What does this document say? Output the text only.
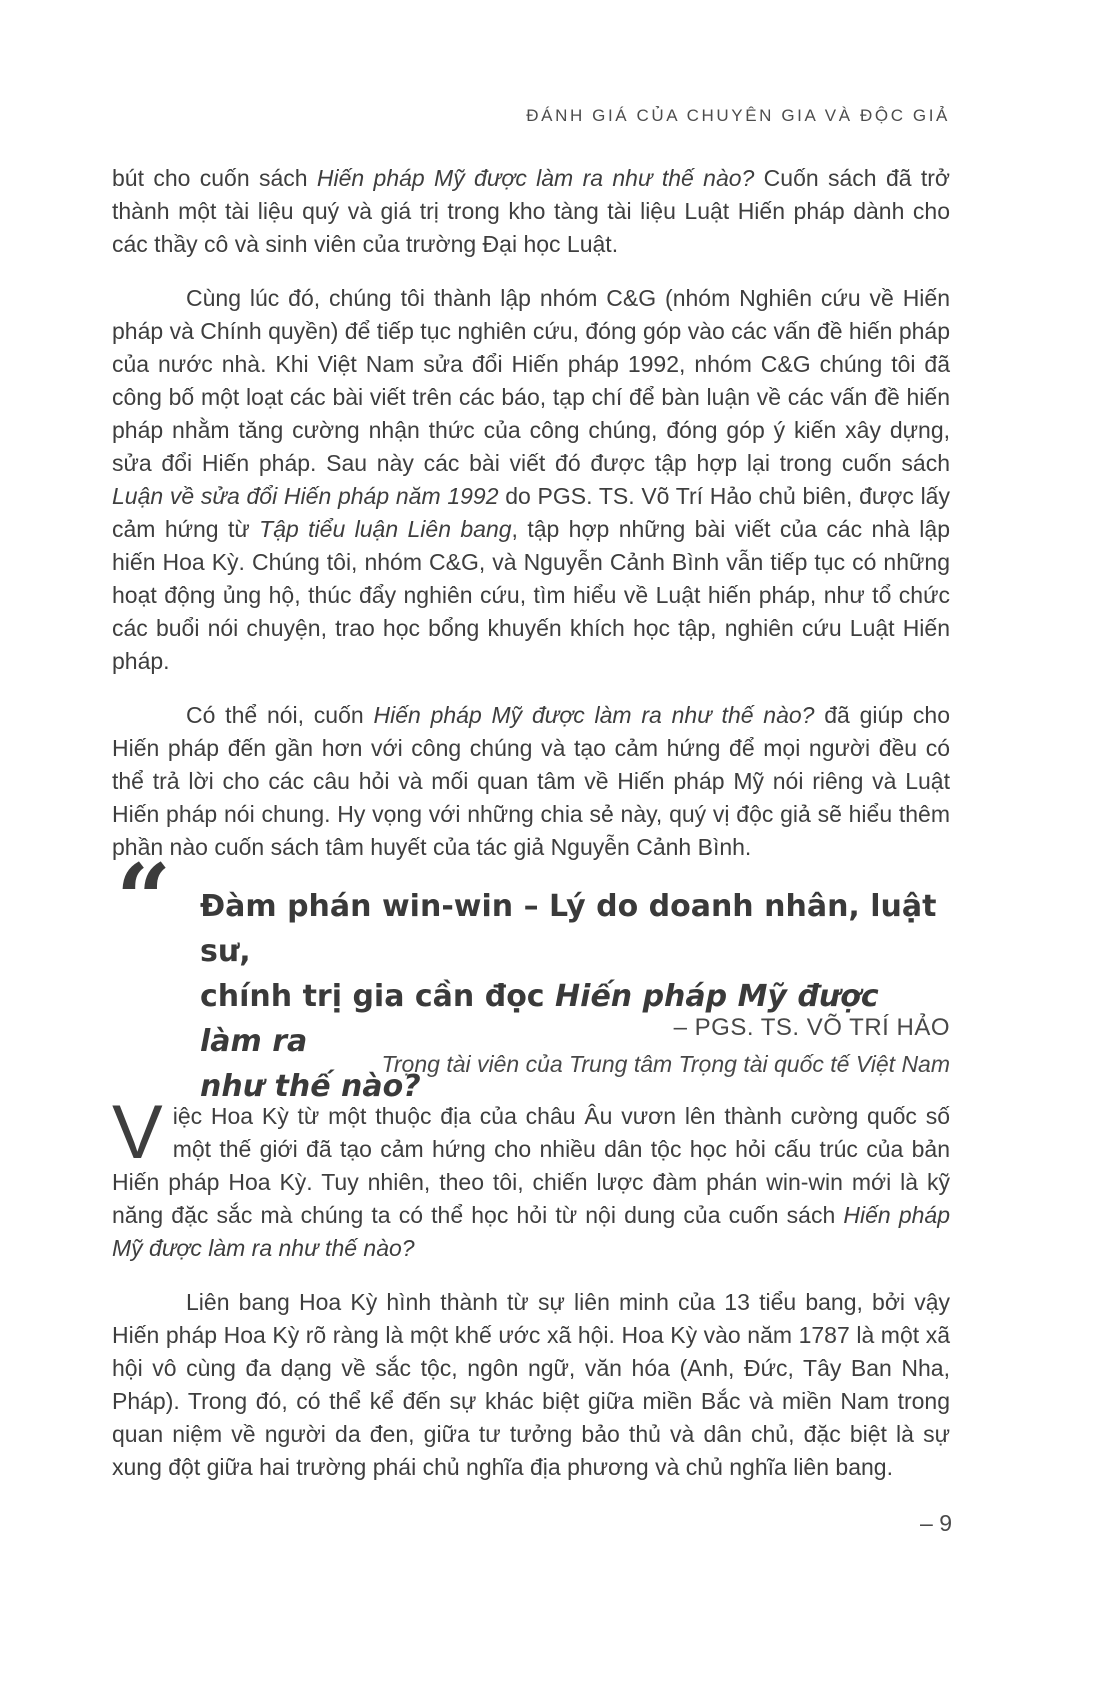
ĐÁNH GIÁ CỦA CHUYÊN GIA VÀ ĐỘC GIẢ

bút cho cuốn sách Hiến pháp Mỹ được làm ra như thế nào? Cuốn sách đã trở thành một tài liệu quý và giá trị trong kho tàng tài liệu Luật Hiến pháp dành cho các thầy cô và sinh viên của trường Đại học Luật.

Cùng lúc đó, chúng tôi thành lập nhóm C&G (nhóm Nghiên cứu về Hiến pháp và Chính quyền) để tiếp tục nghiên cứu, đóng góp vào các vấn đề hiến pháp của nước nhà. Khi Việt Nam sửa đổi Hiến pháp 1992, nhóm C&G chúng tôi đã công bố một loạt các bài viết trên các báo, tạp chí để bàn luận về các vấn đề hiến pháp nhằm tăng cường nhận thức của công chúng, đóng góp ý kiến xây dựng, sửa đổi Hiến pháp. Sau này các bài viết đó được tập hợp lại trong cuốn sách Luận về sửa đổi Hiến pháp năm 1992 do PGS. TS. Võ Trí Hảo chủ biên, được lấy cảm hứng từ Tập tiểu luận Liên bang, tập hợp những bài viết của các nhà lập hiến Hoa Kỳ. Chúng tôi, nhóm C&G, và Nguyễn Cảnh Bình vẫn tiếp tục có những hoạt động ủng hộ, thúc đẩy nghiên cứu, tìm hiểu về Luật hiến pháp, như tổ chức các buổi nói chuyện, trao học bổng khuyến khích học tập, nghiên cứu Luật Hiến pháp.

Có thể nói, cuốn Hiến pháp Mỹ được làm ra như thế nào? đã giúp cho Hiến pháp đến gần hơn với công chúng và tạo cảm hứng để mọi người đều có thể trả lời cho các câu hỏi và mối quan tâm về Hiến pháp Mỹ nói riêng và Luật Hiến pháp nói chung. Hy vọng với những chia sẻ này, quý vị độc giả sẽ hiểu thêm phần nào cuốn sách tâm huyết của tác giả Nguyễn Cảnh Bình.

“ Đàm phán win-win – Lý do doanh nhân, luật sư,
chính trị gia cần đọc Hiến pháp Mỹ được làm ra
như thế nào?
– PGS. TS. VÕ TRÍ HẢO
Trọng tài viên của Trung tâm Trọng tài quốc tế Việt Nam

Việc Hoa Kỳ từ một thuộc địa của châu Âu vươn lên thành cường quốc số một thế giới đã tạo cảm hứng cho nhiều dân tộc học hỏi cấu trúc của bản Hiến pháp Hoa Kỳ. Tuy nhiên, theo tôi, chiến lược đàm phán win-win mới là kỹ năng đặc sắc mà chúng ta có thể học hỏi từ nội dung của cuốn sách Hiến pháp Mỹ được làm ra như thế nào?

Liên bang Hoa Kỳ hình thành từ sự liên minh của 13 tiểu bang, bởi vậy Hiến pháp Hoa Kỳ rõ ràng là một khế ước xã hội. Hoa Kỳ vào năm 1787 là một xã hội vô cùng đa dạng về sắc tộc, ngôn ngữ, văn hóa (Anh, Đức, Tây Ban Nha, Pháp). Trong đó, có thể kể đến sự khác biệt giữa miền Bắc và miền Nam trong quan niệm về người da đen, giữa tư tưởng bảo thủ và dân chủ, đặc biệt là sự xung đột giữa hai trường phái chủ nghĩa địa phương và chủ nghĩa liên bang.

– 9
